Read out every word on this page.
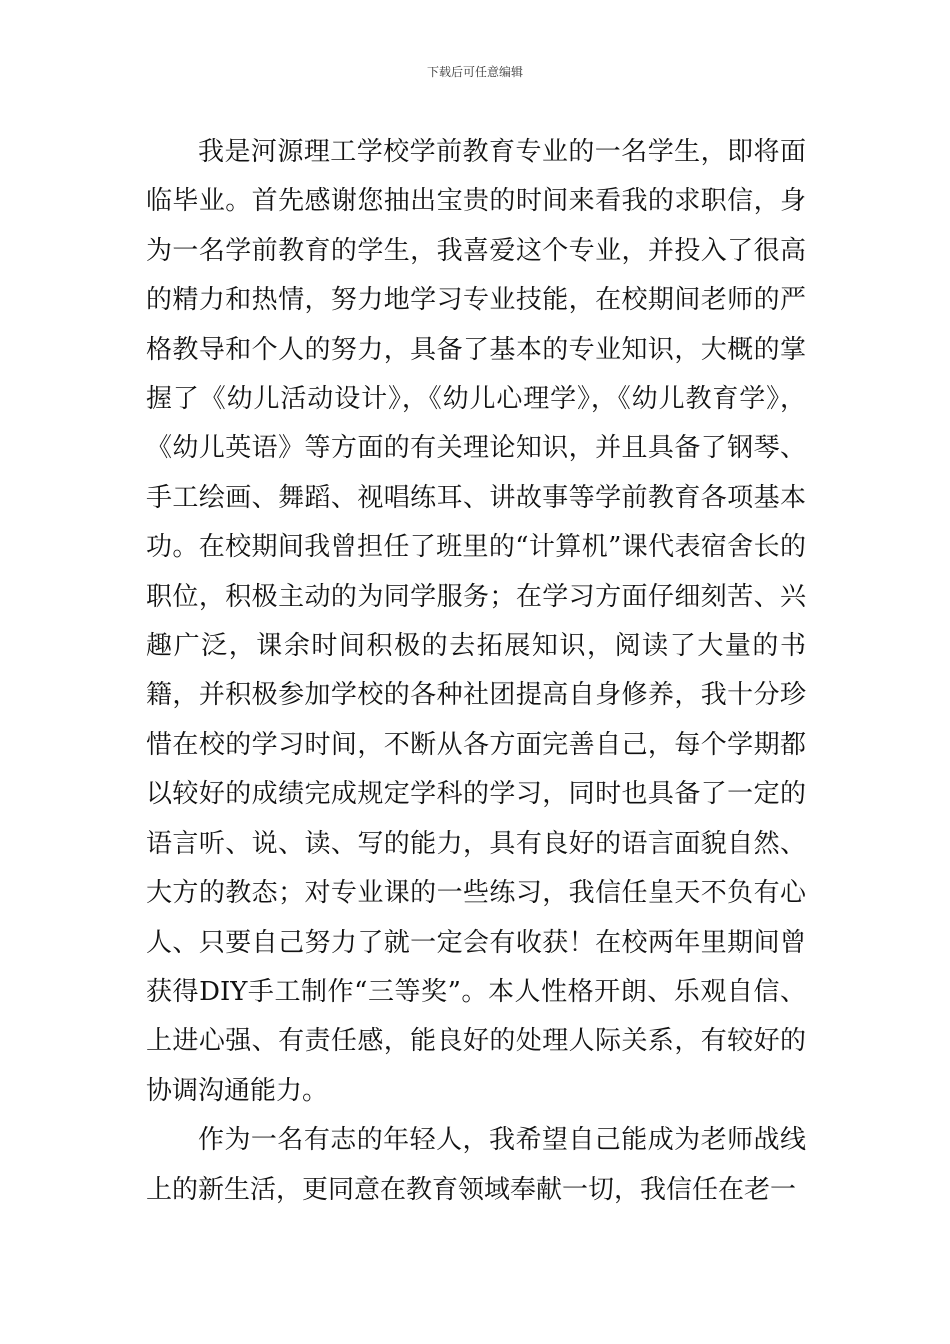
下载后可任意编辑

我是河源理工学校学前教育专业的一名学生，即将面临毕业。首先感谢您抽出宝贵的时间来看我的求职信，身为一名学前教育的学生，我喜爱这个专业，并投入了很高的精力和热情，努力地学习专业技能，在校期间老师的严格教导和个人的努力，具备了基本的专业知识，大概的掌握了《幼儿活动设计》，《幼儿心理学》，《幼儿教育学》，《幼儿英语》等方面的有关理论知识，并且具备了钢琴、手工绘画、舞蹈、视唱练耳、讲故事等学前教育各项基本功。在校期间我曾担任了班里的“计算机”课代表宿舍长的职位，积极主动的为同学服务；在学习方面仔细刻苦、兴趣广泛，课余时间积极的去拓展知识，阅读了大量的书籍，并积极参加学校的各种社团提高自身修养，我十分珍惜在校的学习时间，不断从各方面完善自己，每个学期都以较好的成绩完成规定学科的学习，同时也具备了一定的语言听、说、读、写的能力，具有良好的语言面貌自然、大方的教态；对专业课的一些练习，我信任皇天不负有心人、只要自己努力了就一定会有收获！在校两年里期间曾获得DIY手工制作“三等奖”。本人性格开朗、乐观自信、上进心强、有责任感，能良好的处理人际关系，有较好的协调沟通能力。

作为一名有志的年轻人，我希望自己能成为老师战线上的新生活，更同意在教育领域奉献一切，我信任在老一
